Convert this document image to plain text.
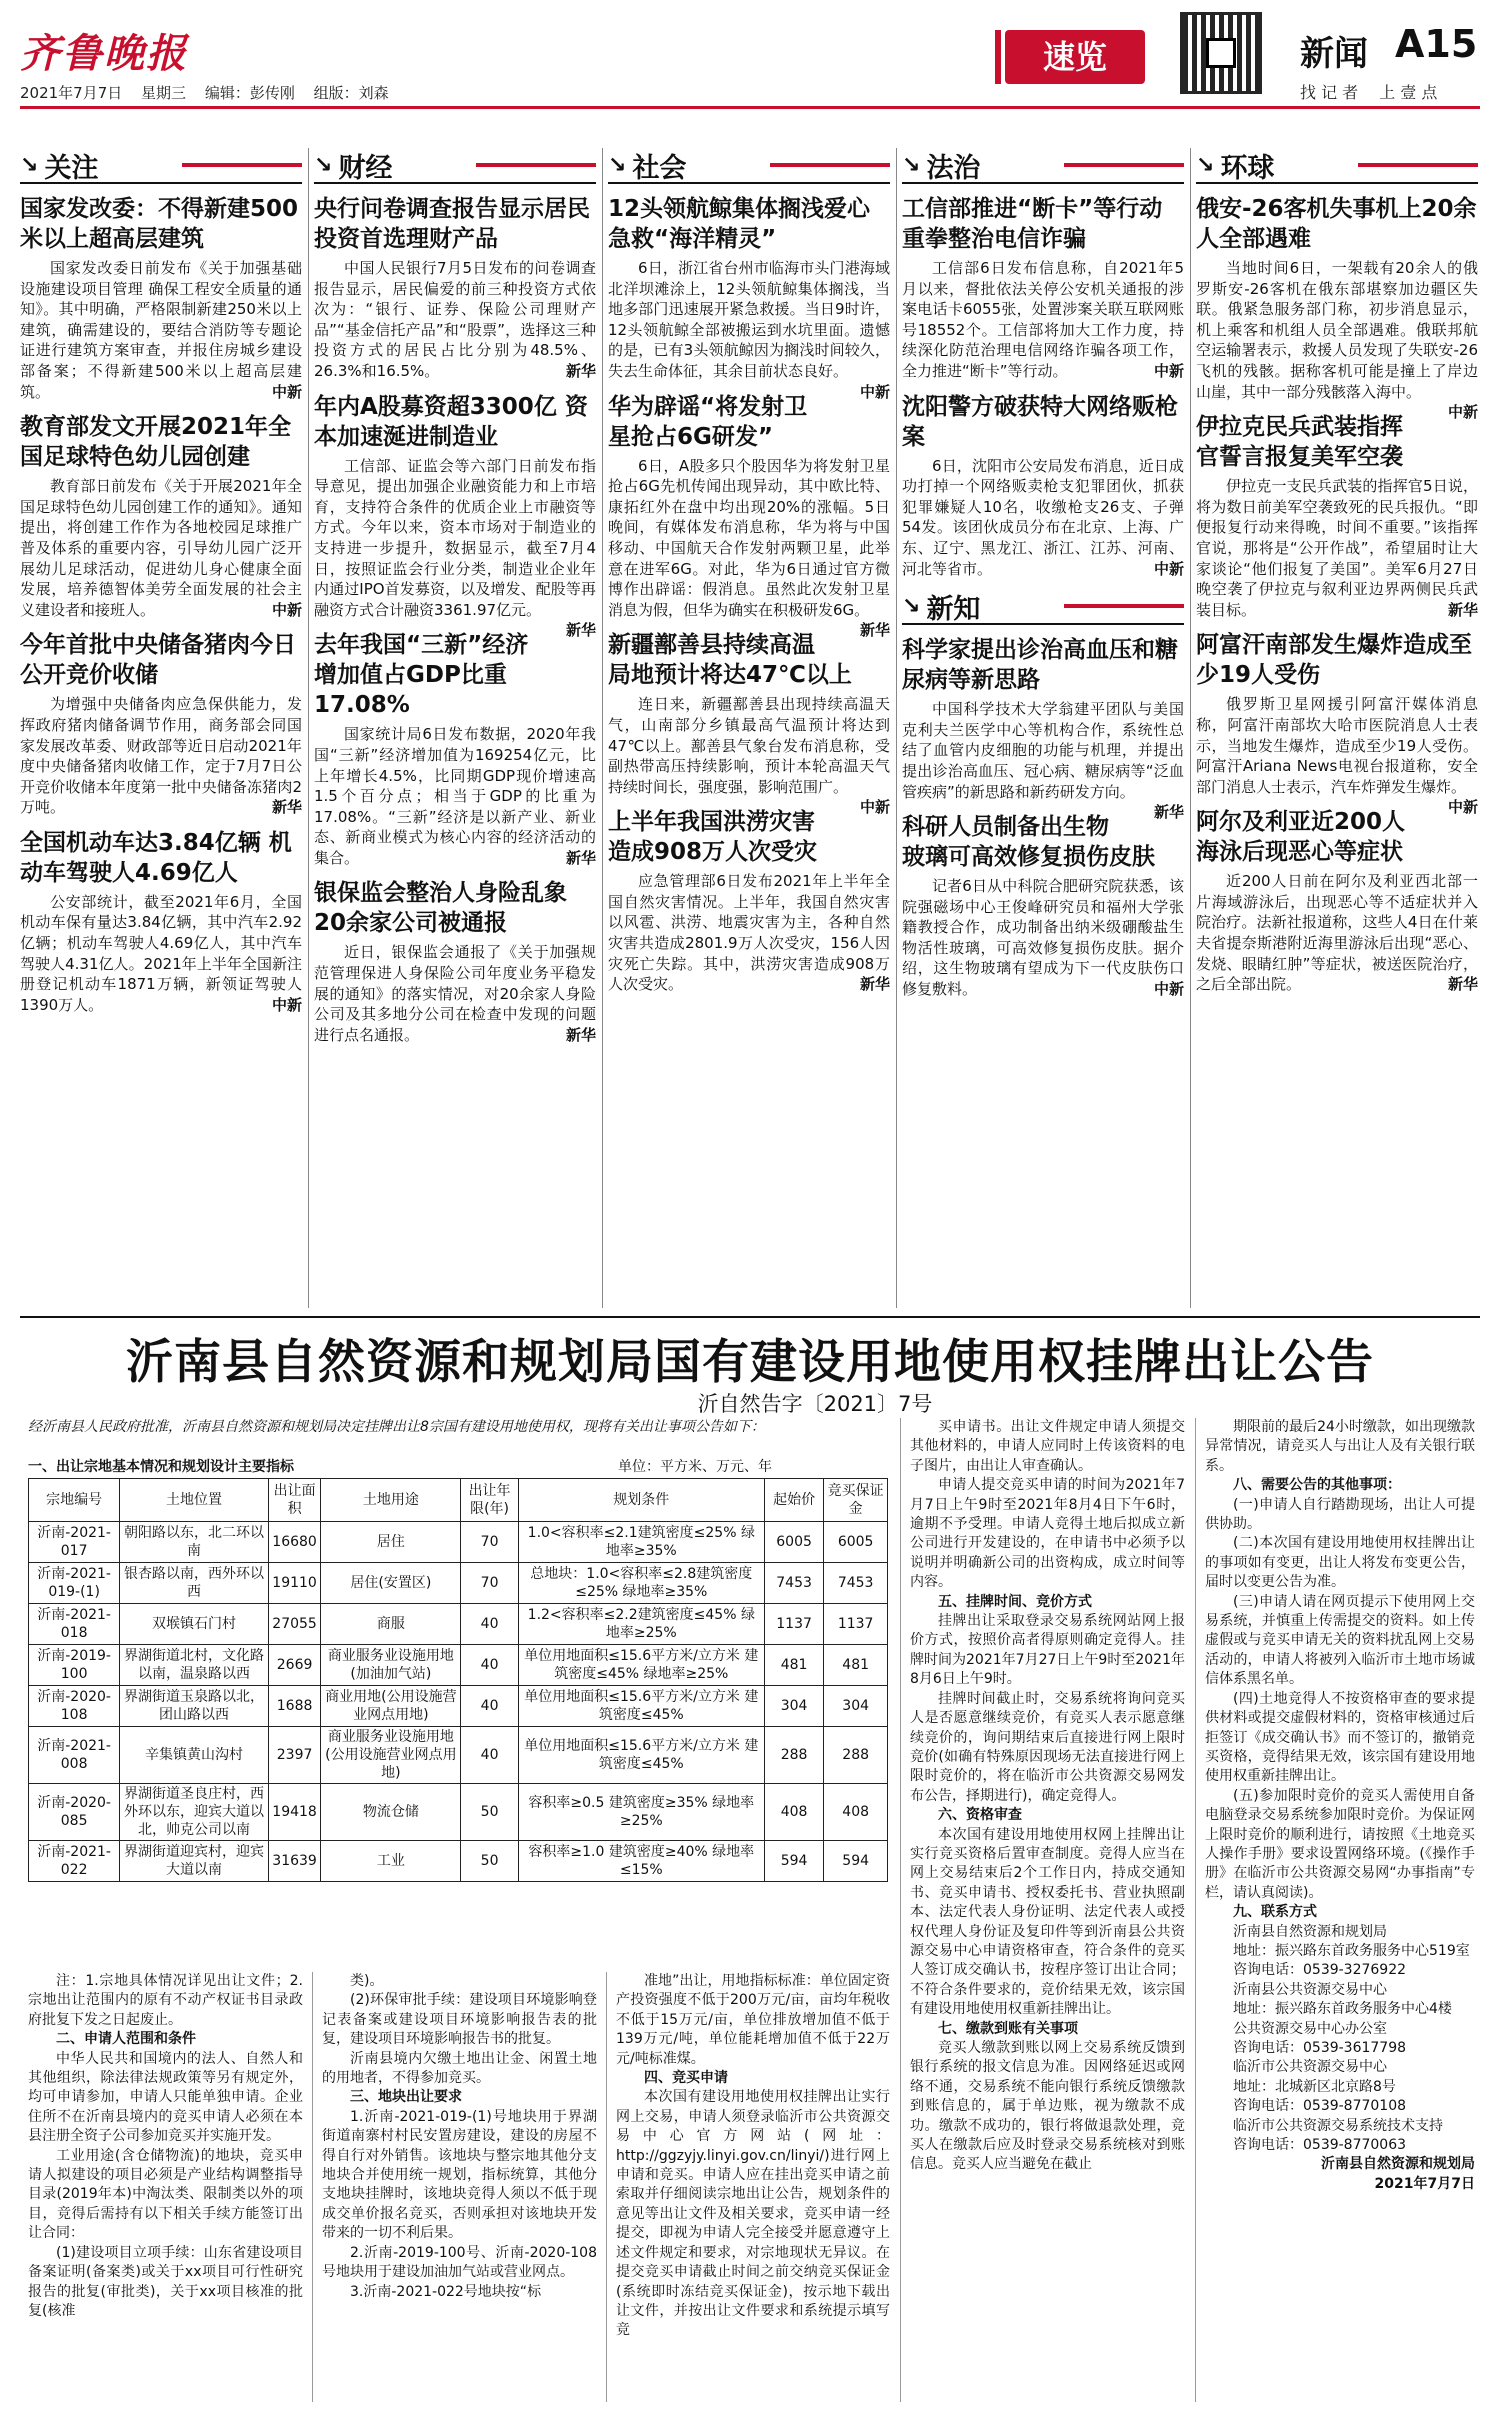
齐鲁晚报
2021年7月7日 星期三 编辑：彭传刚 组版：刘森
速览	新闻 A15
找 记 者　 上 壹 点
↘ 关注
国家发改委：不得新建500米以上超高层建筑

国家发改委日前发布《关于加强基础设施建设项目管理 确保工程安全质量的通知》。其中明确，严格限制新建250米以上建筑，确需建设的，要结合消防等专题论证进行建筑方案审查，并报住房城乡建设部备案；不得新建500米以上超高层建筑。	中新

教育部发文开展2021年全国足球特色幼儿园创建

教育部日前发布《关于开展2021年全国足球特色幼儿园创建工作的通知》。通知提出，将创建工作作为各地校园足球推广普及体系的重要内容，引导幼儿园广泛开展幼儿足球活动，促进幼儿身心健康全面发展，培养德智体美劳全面发展的社会主义建设者和接班人。	中新

今年首批中央储备猪肉今日公开竞价收储

为增强中央储备肉应急保供能力，发挥政府猪肉储备调节作用，商务部会同国家发展改革委、财政部等近日启动2021年度中央储备猪肉收储工作，定于7月7日公开竞价收储本年度第一批中央储备冻猪肉2万吨。	新华

全国机动车达3.84亿辆 机动车驾驶人4.69亿人

公安部统计，截至2021年6月，全国机动车保有量达3.84亿辆，其中汽车2.92亿辆；机动车驾驶人4.69亿人，其中汽车驾驶人4.31亿人。2021年上半年全国新注册登记机动车1871万辆，新领证驾驶人1390万人。	中新

↘ 财经
央行问卷调查报告显示居民投资首选理财产品

中国人民银行7月5日发布的问卷调查报告显示，居民偏爱的前三种投资方式依次为：“银行、证券、保险公司理财产品”“基金信托产品”和“股票”，选择这三种投资方式的居民占比分别为48.5%、26.3%和16.5%。	新华

年内A股募资超3300亿 资本加速涎进制造业

工信部、证监会等六部门日前发布指导意见，提出加强企业融资能力和上市培育，支持符合条件的优质企业上市融资等方式。今年以来，资本市场对于制造业的支持进一步提升，数据显示，截至7月4日，按照证监会行业分类，制造业企业年内通过IPO首发募资，以及增发、配股等再融资方式合计融资3361.97亿元。
新华

去年我国“三新”经济增加值占GDP比重17.08%

国家统计局6日发布数据，2020年我国“三新”经济增加值为169254亿元，比上年增长4.5%，比同期GDP现价增速高1.5个百分点；相当于GDP的比重为17.08%。“三新”经济是以新产业、新业态、新商业模式为核心内容的经济活动的集合。	新华

银保监会整治人身险乱象 20余家公司被通报

近日，银保监会通报了《关于加强规范管理保进人身保险公司年度业务平稳发展的通知》的落实情况，对20余家人身险公司及其多地分公司在检查中发现的问题进行点名通报。	新华

↘ 社会
12头领航鲸集体搁浅爱心急救“海洋精灵”

6日，浙江省台州市临海市头门港海域北洋坝滩涂上，12头领航鲸集体搁浅，当地多部门迅速展开紧急救援。当日9时许，12头领航鲸全部被搬运到水坑里面。遗憾的是，已有3头领航鲸因为搁浅时间较久，失去生命体征，其余目前状态良好。
中新

华为辟谣“将发射卫星抢占6G研发”

6日，A股多只个股因华为将发射卫星抢占6G先机传闻出现异动，其中欧比特、康拓红外在盘中均出现20%的涨幅。5日晚间，有媒体发布消息称，华为将与中国移动、中国航天合作发射两颗卫星，此举意在进军6G。对此，华为6日通过官方微博作出辟谣：假消息。虽然此次发射卫星消息为假，但华为确实在积极研发6G。
新华

新疆鄯善县持续高温局地预计将达47℃以上

连日来，新疆鄯善县出现持续高温天气，山南部分乡镇最高气温预计将达到47℃以上。鄯善县气象台发布消息称，受副热带高压持续影响，预计本轮高温天气持续时间长，强度强，影响范围广。
中新

上半年我国洪涝灾害造成908万人次受灾

应急管理部6日发布2021年上半年全国自然灾害情况。上半年，我国自然灾害以风雹、洪涝、地震灾害为主，各种自然灾害共造成2801.9万人次受灾，156人因灾死亡失踪。其中，洪涝灾害造成908万人次受灾。	新华

↘ 法治
工信部推进“断卡”等行动重拳整治电信诈骗

工信部6日发布信息称，自2021年5月以来，督批依法关停公安机关通报的涉案电话卡6055张，处置涉案关联互联网账号18552个。工信部将加大工作力度，持续深化防范治理电信网络诈骗各项工作，全力推进“断卡”等行动。	中新

沈阳警方破获特大网络贩枪案

6日，沈阳市公安局发布消息，近日成功打掉一个网络贩卖枪支犯罪团伙，抓获犯罪嫌疑人10名，收缴枪支26支、子弹54发。该团伙成员分布在北京、上海、广东、辽宁、黑龙江、浙江、江苏、河南、河北等省市。	中新

↘ 新知
科学家提出诊治高血压和糖尿病等新思路

中国科学技术大学翁建平团队与美国克利夫兰医学中心等机构合作，系统性总结了血管内皮细胞的功能与机理，并提出提出诊治高血压、冠心病、糖尿病等“泛血管疾病”的新思路和新药研发方向。
新华

科研人员制备出生物玻璃可高效修复损伤皮肤

记者6日从中科院合肥研究院获悉，该院强磁场中心王俊峰研究员和福州大学张籍教授合作，成功制备出纳米级硼酸盐生物活性玻璃，可高效修复损伤皮肤。据介绍，这生物玻璃有望成为下一代皮肤伤口修复敷料。	中新

↘ 环球
俄安-26客机失事机上20余人全部遇难

当地时间6日，一架载有20余人的俄罗斯安-26客机在俄东部堪察加边疆区失联。俄紧急服务部门称，初步消息显示，机上乘客和机组人员全部遇难。俄联邦航空运输署表示，救援人员发现了失联安-26飞机的残骸。据称客机可能是撞上了岸边山崖，其中一部分残骸落入海中。
中新

伊拉克民兵武装指挥官誓言报复美军空袭

伊拉克一支民兵武装的指挥官5日说，将为数日前美军空袭致死的民兵报仇。“即便报复行动来得晚，时间不重要。”该指挥官说，那将是“公开作战”，希望届时让大家谈论“他们报复了美国”。美军6月27日晚空袭了伊拉克与叙利亚边界两侧民兵武装目标。	新华

阿富汗南部发生爆炸造成至少19人受伤

俄罗斯卫星网援引阿富汗媒体消息称，阿富汗南部坎大哈市医院消息人士表示，当地发生爆炸，造成至少19人受伤。阿富汗Ariana News电视台报道称，安全部门消息人士表示，汽车炸弹发生爆炸。
中新

阿尔及利亚近200人海泳后现恶心等症状

近200人日前在阿尔及利亚西北部一片海域游泳后，出现恶心等不适症状并入院治疗。法新社报道称，这些人4日在什莱夫省提奈斯港附近海里游泳后出现“恶心、发烧、眼睛红肿”等症状，被送医院治疗，之后全部出院。	新华

沂南县自然资源和规划局国有建设用地使用权挂牌出让公告
沂自然告字〔2021〕7号
经沂南县人民政府批准，沂南县自然资源和规划局决定挂牌出让8宗国有建设用地使用权，现将有关出让事项公告如下：
一、出让宗地基本情况和规划设计主要指标	单位：平方米、万元、年
宗地编号	土地位置	出让面积	土地用途	出让年限(年)	规划条件	起始价	竞买保证金
沂南-2021-017	朝阳路以东，北二环以南	16680	居住	70	1.0<容积率≤2.1建筑密度≤25% 绿地率≥35%	6005	6005
沂南-2021-019-(1)	银杏路以南，西外环以西	19110	居住(安置区)	70	总地块：1.0<容积率≤2.8建筑密度≤25% 绿地率≥35%	7453	7453
沂南-2021-018	双堠镇石门村	27055	商服	40	1.2<容积率≤2.2建筑密度≤45% 绿地率≥25%	1137	1137
沂南-2019-100	界湖街道北村，文化路以南，温泉路以西	2669	商业服务业设施用地(加油加气站)	40	单位用地面积≤15.6平方米/立方米 建筑密度≤45% 绿地率≥25%	481	481
沂南-2020-108	界湖街道玉泉路以北，团山路以西	1688	商业用地(公用设施营业网点用地)	40	单位用地面积≤15.6平方米/立方米 建筑密度≤45%	304	304
沂南-2021-008	辛集镇黄山沟村	2397	商业服务业设施用地(公用设施营业网点用地)	40	单位用地面积≤15.6平方米/立方米 建筑密度≤45%	288	288
沂南-2020-085	界湖街道圣良庄村，西外环以东，迎宾大道以北，帅克公司以南	19418	物流仓储	50	容积率≥0.5 建筑密度≥35% 绿地率≥25%	408	408
沂南-2021-022	界湖街道迎宾村，迎宾大道以南	31639	工业	50	容积率≥1.0 建筑密度≥40% 绿地率≤15%	594	594

注：1.宗地具体情况详见出让文件；2.宗地出让范围内的原有不动产权证书目录政府批复下发之日起废止。

二、申请人范围和条件

中华人民共和国境内的法人、自然人和其他组织，除法律法规政策等另有规定外，均可申请参加，申请人只能单独申请。企业住所不在沂南县境内的竞买申请人必须在本县注册全资子公司参加竞买并实施开发。

工业用途(含仓储物流)的地块，竞买申请人拟建设的项目必须是产业结构调整指导目录(2019年本)中淘汰类、限制类以外的项目，竞得后需持有以下相关手续方能签订出让合同：

(1)建设项目立项手续：山东省建设项目备案证明(备案类)或关于xx项目可行性研究报告的批复(审批类)，关于xx项目核准的批复(核准

类)。

(2)环保审批手续：建设项目环境影响登记表备案或建设项目环境影响报告表的批复，建设项目环境影响报告书的批复。

沂南县境内欠缴土地出让金、闲置土地的用地者，不得参加竞买。

三、地块出让要求

1.沂南-2021-019-(1)号地块用于界湖街道南寨村村民安置房建设，建设的房屋不得自行对外销售。该地块与整宗地其他分支地块合并使用统一规划，指标统算，其他分支地块挂牌时，该地块竞得人须以不低于现成交单价报名竞买，否则承担对该地块开发带来的一切不利后果。

2.沂南-2019-100号、沂南-2020-108号地块用于建设加油加气站或营业网点。

3.沂南-2021-022号地块按“标

准地”出让，用地指标标准：单位固定资产投资强度不低于200万元/亩，亩均年税收不低于15万元/亩，单位排放增加值不低于139万元/吨，单位能耗增加值不低于22万元/吨标准煤。

四、竞买申请

本次国有建设用地使用权挂牌出让实行网上交易，申请人须登录临沂市公共资源交易中心官方网站(网址：http://ggzyjy.linyi.gov.cn/linyi/)进行网上申请和竞买。申请人应在挂出竞买申请之前索取并仔细阅读宗地出让公告，规划条件的意见等出让文件及相关要求，竞买申请一经提交，即视为申请人完全接受并愿意遵守上述文件规定和要求，对宗地现状无异议。在提交竞买申请截止时间之前交纳竞买保证金(系统即时冻结竞买保证金)，按示地下载出让文件，并按出让文件要求和系统提示填写竞

买申请书。出让文件规定申请人须提交其他材料的，申请人应同时上传该资料的电子图片，由出让人审查确认。

申请人提交竞买申请的时间为2021年7月7日上午9时至2021年8月4日下午6时，逾期不予受理。申请人竞得土地后拟成立新公司进行开发建设的，在申请书中必须予以说明并明确新公司的出资构成，成立时间等内容。

五、挂牌时间、竞价方式

挂牌出让采取登录交易系统网站网上报价方式，按照价高者得原则确定竞得人。挂牌时间为2021年7月27日上午9时至2021年8月6日上午9时。

挂牌时间截止时，交易系统将询问竞买人是否愿意继续竞价，有竞买人表示愿意继续竞价的，询问期结束后直接进行网上限时竞价(如确有特殊原因现场无法直接进行网上限时竞价的，将在临沂市公共资源交易网发布公告，择期进行)，确定竞得人。

六、资格审查

本次国有建设用地使用权网上挂牌出让实行竞买资格后置审查制度。竞得人应当在网上交易结束后2个工作日内，持成交通知书、竞买申请书、授权委托书、营业执照副本、法定代表人身份证明、法定代表人或授权代理人身份证及复印件等到沂南县公共资源交易中心申请资格审查，符合条件的竞买人签订成交确认书，按程序签订出让合同；不符合条件要求的，竞价结果无效，该宗国有建设用地使用权重新挂牌出让。

七、缴款到账有关事项

竞买人缴款到账以网上交易系统反馈到银行系统的报文信息为准。因网络延迟或网络不通，交易系统不能向银行系统反馈缴款到账信息的，属于单边账，视为缴款不成功。缴款不成功的，银行将做退款处理，竞买人在缴款后应及时登录交易系统核对到账信息。竞买人应当避免在截止

期限前的最后24小时缴款，如出现缴款异常情况，请竞买人与出让人及有关银行联系。

八、需要公告的其他事项：

(一)申请人自行踏勘现场，出让人可提供协助。

(二)本次国有建设用地使用权挂牌出让的事项如有变更，出让人将发布变更公告，届时以变更公告为准。

(三)申请人请在网页提示下使用网上交易系统，并慎重上传需提交的资料。如上传虚假或与竞买申请无关的资料扰乱网上交易活动的，申请人将被列入临沂市土地市场诚信体系黑名单。

(四)土地竞得人不按资格审查的要求提供材料或提交虚假材料的，资格审核通过后拒签订《成交确认书》而不签订的，撤销竞买资格，竞得结果无效，该宗国有建设用地使用权重新挂牌出让。

(五)参加限时竞价的竞买人需使用自备电脑登录交易系统参加限时竞价。为保证网上限时竞价的顺利进行，请按照《土地竞买人操作手册》要求设置网络环境。(《操作手册》在临沂市公共资源交易网“办事指南”专栏，请认真阅读)。

九、联系方式

沂南县自然资源和规划局

地址：振兴路东首政务服务中心519室

咨询电话：0539-3276922

沂南县公共资源交易中心

地址：振兴路东首政务服务中心4楼

公共资源交易中心办公室

咨询电话：0539-3617798

临沂市公共资源交易中心

地址：北城新区北京路8号

咨询电话：0539-8770108

临沂市公共资源交易系统技术支持

咨询电话：0539-8770063

沂南县自然资源和规划局

2021年7月7日
